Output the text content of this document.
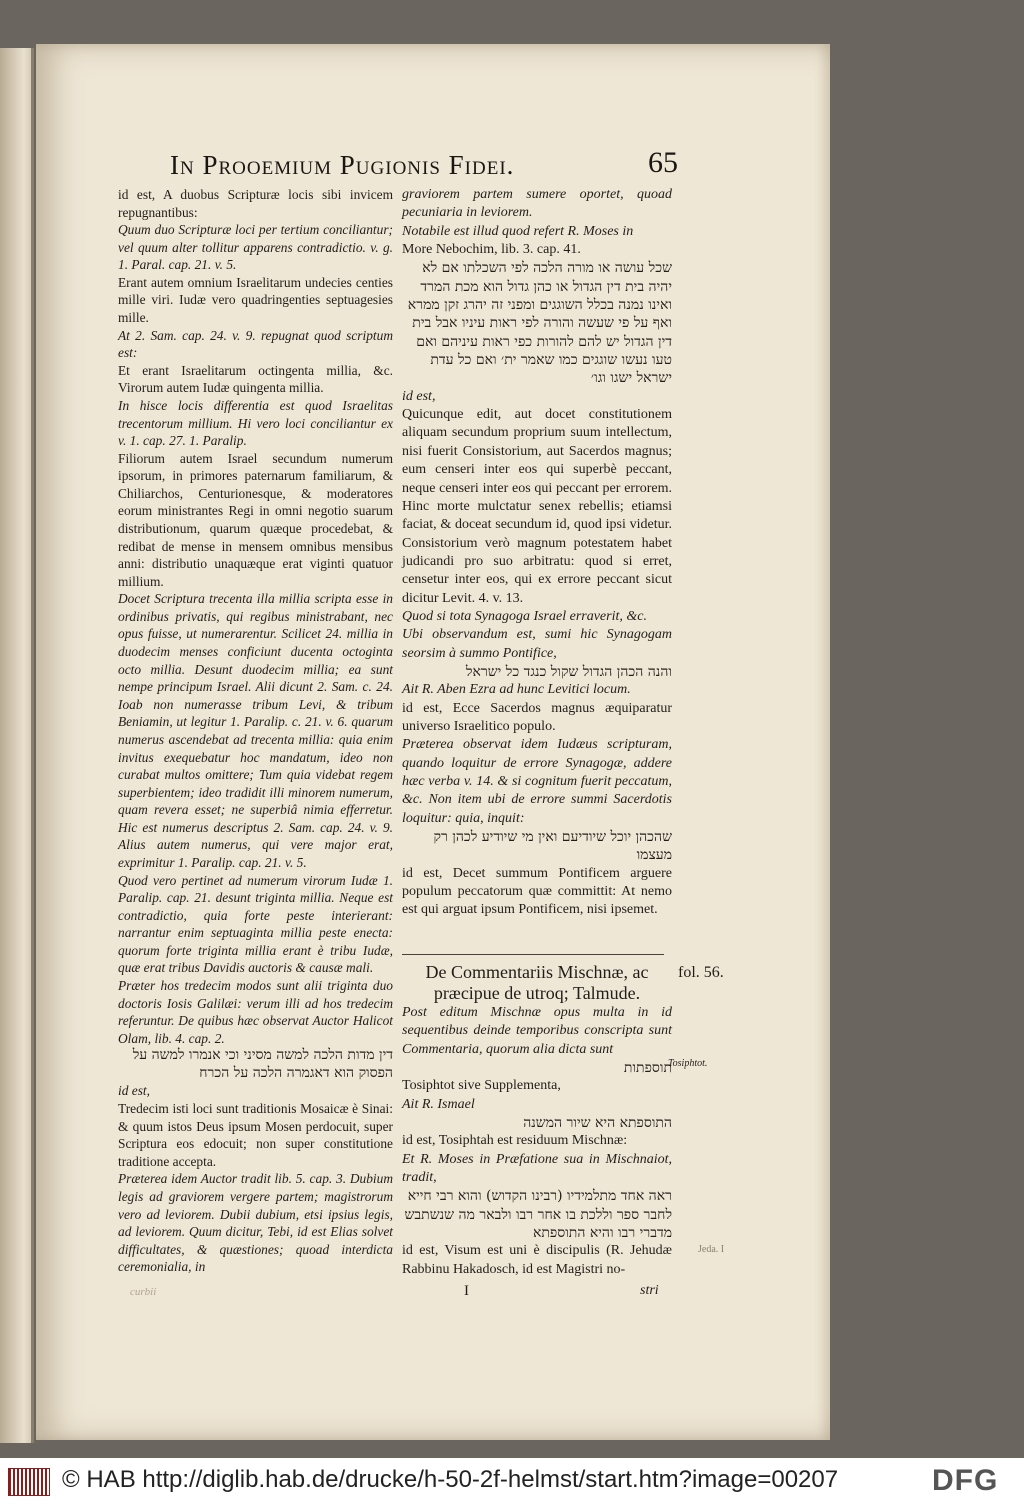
In Prooemium Pugionis Fidei.	65

id est, A duobus Scripturæ locis sibi invicem repugnantibus:

Quum duo Scripturæ loci per tertium conciliantur; vel quum alter tollitur apparens contradictio. v. g. 1. Paral. cap. 21. v. 5.

Erant autem omnium Israelitarum undecies centies mille viri. Iudæ vero quadringenties septuagesies mille.

At 2. Sam. cap. 24. v. 9. repugnat quod scriptum est:

Et erant Israelitarum octingenta millia, &c. Virorum autem Iudæ quingenta millia.

In hisce locis differentia est quod Israelitas trecentorum millium. Hi vero loci conciliantur ex v. 1. cap. 27. 1. Paralip.

Filiorum autem Israel secundum numerum ipsorum, in primores paternarum familiarum, & Chiliarchos, Centurionesque, & moderatores eorum ministrantes Regi in omni negotio suarum distributionum, quarum quæque procedebat, & redibat de mense in mensem omnibus mensibus anni: distributio unaquæque erat viginti quatuor millium.

Docet Scriptura trecenta illa millia scripta esse in ordinibus privatis, qui regibus ministrabant, nec opus fuisse, ut numerarentur. Scilicet 24. millia in duodecim menses conficiunt ducenta octoginta octo millia. Desunt duodecim millia; ea sunt nempe principum Israel. Alii dicunt 2. Sam. c. 24. Ioab non numerasse tribum Levi, & tribum Beniamin, ut legitur 1. Paralip. c. 21. v. 6. quarum numerus ascendebat ad trecenta millia: quia enim invitus exequebatur hoc mandatum, ideo non curabat multos omittere; Tum quia videbat regem superbientem; ideo tradidit illi minorem numerum, quam revera esset; ne superbiâ nimia efferretur. Hic est numerus descriptus 2. Sam. cap. 24. v. 9. Alius autem numerus, qui vere major erat, exprimitur 1. Paralip. cap. 21. v. 5.

Quod vero pertinet ad numerum virorum Iudæ 1. Paralip. cap. 21. desunt triginta millia. Neque est contradictio, quia forte peste interierant: narrantur enim septuaginta millia peste enecta: quorum forte triginta millia erant è tribu Iudæ, quæ erat tribus Davidis auctoris & causæ mali.

Præter hos tredecim modos sunt alii triginta duo doctoris Iosis Galilæi: verum illi ad hos tredecim referuntur. De quibus hæc observat Auctor Halicot Olam, lib. 4. cap. 2.

דין מדות הלכה למשה מסיני וכי אנמרו למשה על הפסוק הוא דאגמרה הלכה על הכרח

id est,

Tredecim isti loci sunt traditionis Mosaicæ è Sinai: & quum istos Deus ipsum Mosen perdocuit, super Scriptura eos edocuit; non super constitutione traditione accepta.

Præterea idem Auctor tradit lib. 5. cap. 3. Dubium legis ad graviorem vergere partem; magistrorum vero ad leviorem. Dubii dubium, etsi ipsius legis, ad leviorem. Quum dicitur, Tebi, id est Elias solvet difficultates, & quæstiones; quoad interdicta ceremonialia, in

graviorem partem sumere oportet, quoad pecuniaria in leviorem.

Notabile est illud quod refert R. Moses in

More Nebochim, lib. 3. cap. 41.

שכל עושה או מורה הלכה לפי השכלתו אם לא יהיה בית דין הגדול או כהן גדול הוא מכת המרד ואינו נמנה בכלל השוגגים ומפני זה יהרג זקן ממרא ואף על פי שעשה והורה לפי ראות עיניו אבל בית דין הגדול יש להם להורות כפי ראות עיניהם ואם טעו נעשו שוגגים כמו שאמר ית׳ ואם כל עדת ישראל ישגו וגו׳

id est,

Quicunque edit, aut docet constitutionem aliquam secundum proprium suum intellectum, nisi fuerit Consistorium, aut Sacerdos magnus; eum censeri inter eos qui superbè peccant, neque censeri inter eos qui peccant per errorem. Hinc morte mulctatur senex rebellis; etiamsi faciat, & doceat secundum id, quod ipsi videtur. Consistorium verò magnum potestatem habet judicandi pro suo arbitratu: quod si erret, censetur inter eos, qui ex errore peccant sicut dicitur Levit. 4. v. 13.

Quod si tota Synagoga Israel erraverit, &c.

Ubi observandum est, sumi hic Synagogam seorsim à summo Pontifice,

והנה הכהן הגדול שקול כנגד כל ישראל

Ait R. Aben Ezra ad hunc Levitici locum.

id est, Ecce Sacerdos magnus æquiparatur universo Israelitico populo.

Præterea observat idem Iudæus scripturam, quando loquitur de errore Synagogæ, addere hæc verba v. 14. & si cognitum fuerit peccatum, &c. Non item ubi de errore summi Sacerdotis loquitur: quia, inquit:

שהכהן יוכל שיודיעם ואין מי שיודיע לכהן רק מעצמו

id est, Decet summum Pontificem arguere populum peccatorum quæ committit: At nemo est qui arguat ipsum Pontificem, nisi ipsemet.

De Commentariis Mischnæ, ac præcipue de utroq; Talmude.

Post editum Mischnæ opus multa in id sequentibus deinde temporibus conscripta sunt Commentaria, quorum alia dicta sunt

תוספתות

Tosiphtot sive Supplementa,

Ait R. Ismael

התוספתא היא שיור המשנה

id est, Tosiphtah est residuum Mischnæ:

Et R. Moses in Præfatione sua in Mischnaiot, tradit,

ראה אחד מתלמידיו (רבינו הקדוש) והוא רבי חייא לחבר ספר וללכת בו אחר רבו ולבאר מה שנשתבש מדברי רבו והיא התוספתא

id est, Visum est uni è discipulis (R. Jehudæ Rabbinu Hakadosch, id est Magistri no-

fol. 56.
Tosiphtot.
Jeda. I
curbii	I	stri
© HAB http://diglib.hab.de/drucke/h-50-2f-helmst/start.htm?image=00207	DFG
